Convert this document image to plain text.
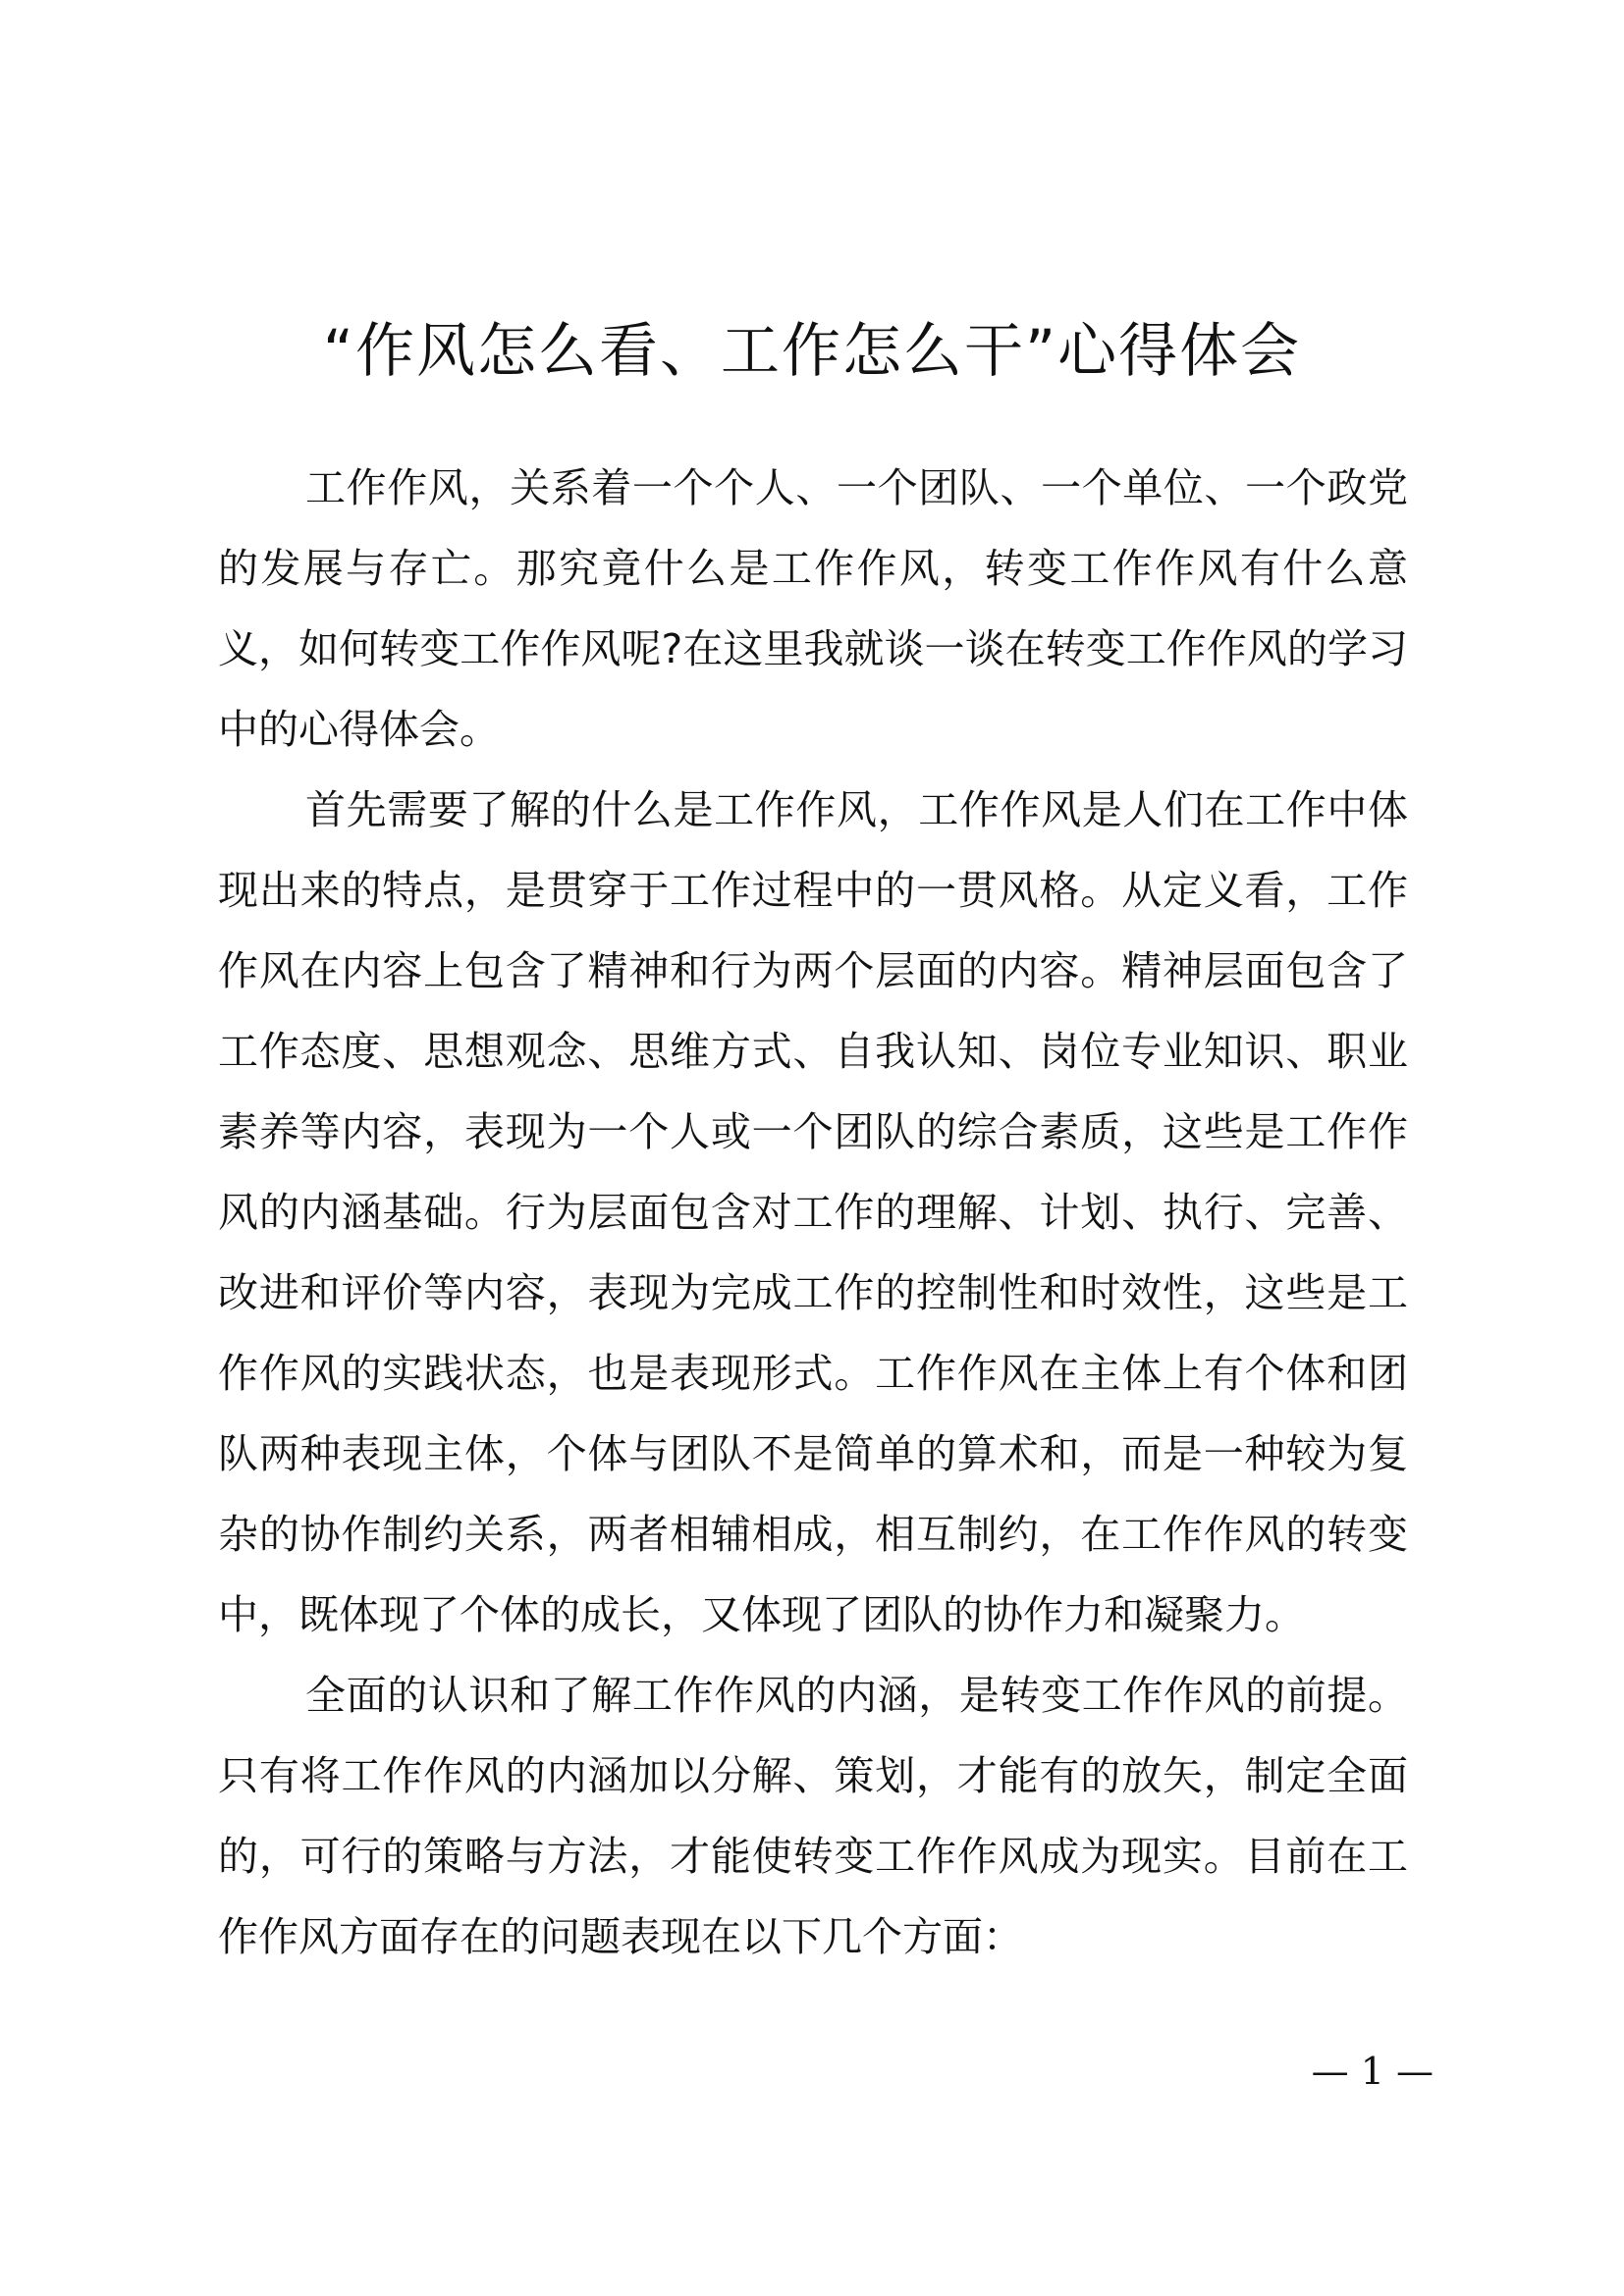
“作风怎么看、工作怎么干”心得体会

工作作风，关系着一个个人、一个团队、一个单位、一个政党的发展与存亡。那究竟什么是工作作风，转变工作作风有什么意义，如何转变工作作风呢?在这里我就谈一谈在转变工作作风的学习中的心得体会。

首先需要了解的什么是工作作风，工作作风是人们在工作中体现出来的特点，是贯穿于工作过程中的一贯风格。从定义看，工作作风在内容上包含了精神和行为两个层面的内容。精神层面包含了工作态度、思想观念、思维方式、自我认知、岗位专业知识、职业素养等内容，表现为一个人或一个团队的综合素质，这些是工作作风的内涵基础。行为层面包含对工作的理解、计划、执行、完善、改进和评价等内容，表现为完成工作的控制性和时效性，这些是工作作风的实践状态，也是表现形式。工作作风在主体上有个体和团队两种表现主体，个体与团队不是简单的算术和，而是一种较为复杂的协作制约关系，两者相辅相成，相互制约，在工作作风的转变中，既体现了个体的成长，又体现了团队的协作力和凝聚力。

全面的认识和了解工作作风的内涵，是转变工作作风的前提。只有将工作作风的内涵加以分解、策划，才能有的放矢，制定全面的，可行的策略与方法，才能使转变工作作风成为现实。目前在工作作风方面存在的问题表现在以下几个方面：

— 1 —
